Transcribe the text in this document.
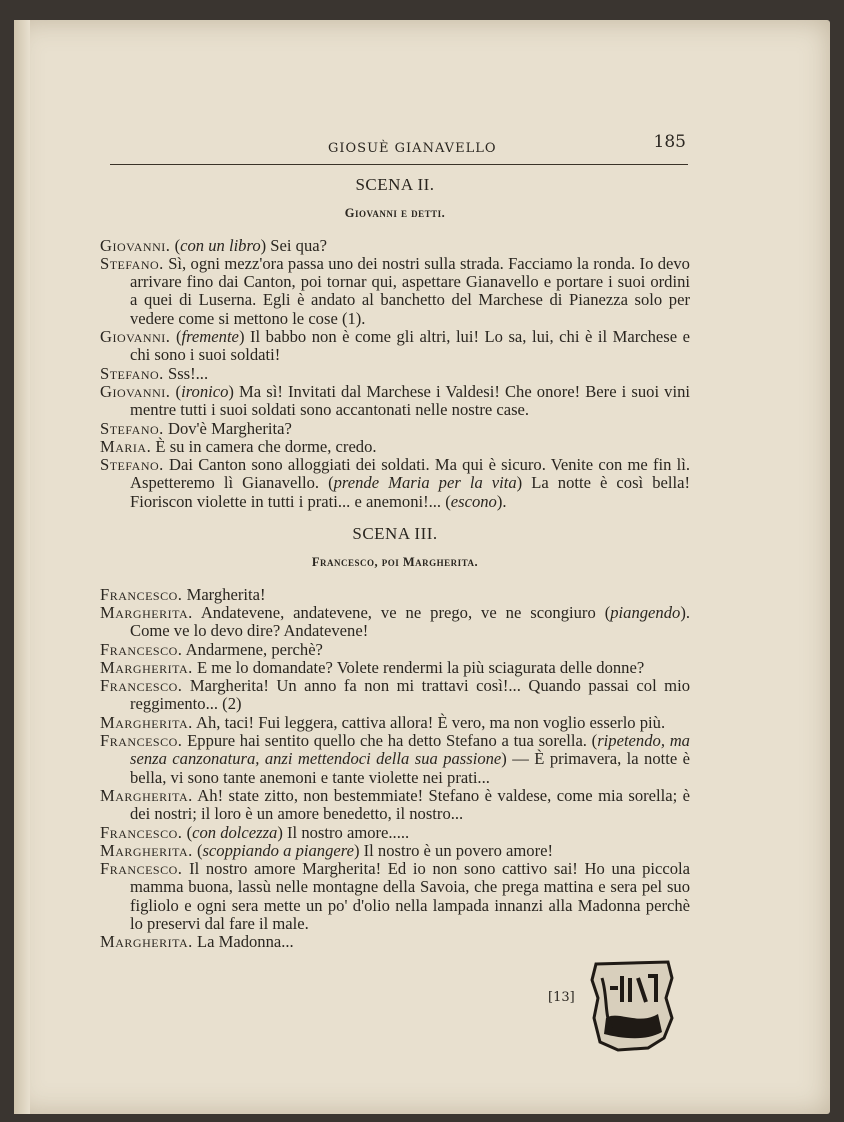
GIOSUÈ GIANAVELLO	185
SCENA II.
Giovanni e detti.

Giovanni. (con un libro) Sei qua?

Stefano. Sì, ogni mezz'ora passa uno dei nostri sulla strada. Facciamo la ronda. Io devo arrivare fino dai Canton, poi tornar qui, aspettare Gianavello e portare i suoi ordini a quei di Luserna. Egli è andato al banchetto del Marchese di Pianezza solo per vedere come si mettono le cose (1).

Giovanni. (fremente) Il babbo non è come gli altri, lui! Lo sa, lui, chi è il Marchese e chi sono i suoi soldati!

Stefano. Sss!...

Giovanni. (ironico) Ma sì! Invitati dal Marchese i Valdesi! Che onore! Bere i suoi vini mentre tutti i suoi soldati sono accantonati nelle nostre case.

Stefano. Dov'è Margherita?

Maria. È su in camera che dorme, credo.

Stefano. Dai Canton sono alloggiati dei soldati. Ma qui è sicuro. Venite con me fin lì. Aspetteremo lì Gianavello. (prende Maria per la vita) La notte è così bella! Fioriscon violette in tutti i prati... e anemoni!... (escono).

SCENA III.
Francesco, poi Margherita.

Francesco. Margherita!

Margherita. Andatevene, andatevene, ve ne prego, ve ne scongiuro (piangendo). Come ve lo devo dire? Andatevene!

Francesco. Andarmene, perchè?

Margherita. E me lo domandate? Volete rendermi la più sciagurata delle donne?

Francesco. Margherita! Un anno fa non mi trattavi così!... Quando passai col mio reggimento... (2)

Margherita. Ah, taci! Fui leggera, cattiva allora! È vero, ma non voglio esserlo più.

Francesco. Eppure hai sentito quello che ha detto Stefano a tua sorella. (ripetendo, ma senza canzonatura, anzi mettendoci della sua passione) — È primavera, la notte è bella, vi sono tante anemoni e tante violette nei prati...

Margherita. Ah! state zitto, non bestemmiate! Stefano è valdese, come mia sorella; è dei nostri; il loro è un amore benedetto, il nostro...

Francesco. (con dolcezza) Il nostro amore.....

Margherita. (scoppiando a piangere) Il nostro è un povero amore!

Francesco. Il nostro amore Margherita! Ed io non sono cattivo sai! Ho una piccola mamma buona, lassù nelle montagne della Savoia, che prega mattina e sera pel suo figliolo e ogni sera mette un po' d'olio nella lampada innanzi alla Madonna perchè lo preservi dal fare il male.

Margherita. La Madonna...

[13]
